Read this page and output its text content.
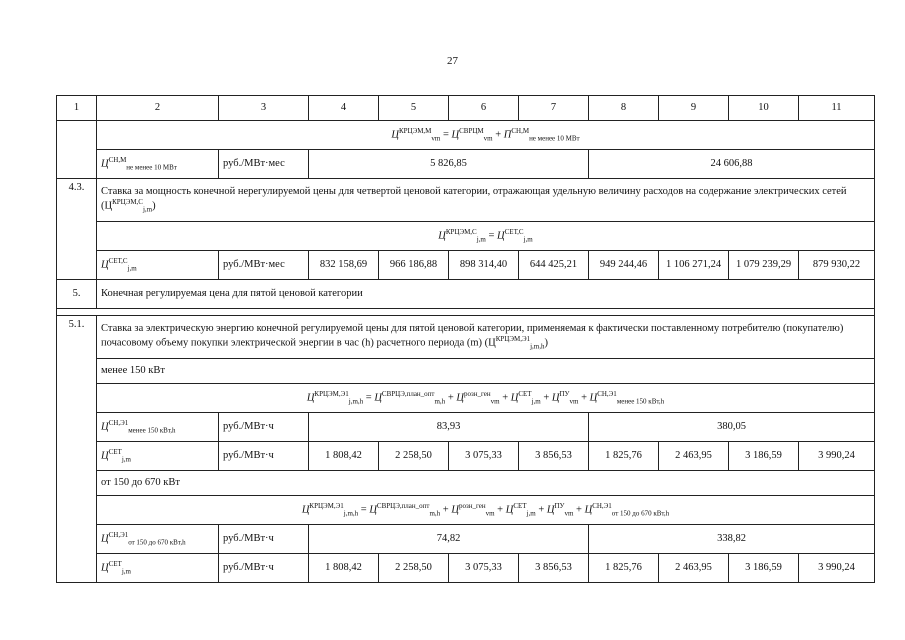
27
1	2	3	4	5	6	7	8	9	10	11
	$Ц^{КРЦЭМ,М}_{vm} = Ц^{СВРЦМ}_{vm} + П^{СН,М}_{не менее 10 МВт}$
	$Ц^{СН,М}_{не менее 10 МВт}$	руб./МВт·мес	5 826,85				24 606,88			
4.3.	Ставка за мощность конечной нерегулируемой цены для четвертой ценовой категории, отражающая удельную величину расходов на содержание электрических сетей $(Ц^{КРЦЭМ,С}_{j,m})$									
	$Ц^{КРЦЭМ,С}_{j,m} = Ц^{СЕТ,С}_{j,m}$
	$Ц^{СЕТ,С}_{j,m}$	руб./МВт·мес	832 158,69	966 186,88	898 314,40	644 425,21	949 244,46	1 106 271,24	1 079 239,29	879 930,22
5.	Конечная регулируемая цена для пятой ценовой категории									

5.1.	Ставка за электрическую энергию конечной регулируемой цены для пятой ценовой категории, применяемая к фактически поставленному потребителю (покупателю) почасовому объему покупки электрической энергии в час (h) расчетного периода (m) $(Ц^{КРЦЭМ,Э1}_{j,m,h})$									
	менее 150 кВт									
	$Ц^{КРЦЭМ,Э1}_{j,m,h} = Ц^{СВРЦЭ,план\_опт}_{m,h} + Ц^{розн\_ген}_{vm} + Ц^{СЕТ}_{j,m} + Ц^{ПУ}_{vm} + Ц^{СН,Э1}_{менее 150 кВт,h}$
	$Ц^{СН,Э1}_{менее 150 кВт,h}$	руб./МВт·ч	83,93				380,05			
	$Ц^{СЕТ}_{j,m}$	руб./МВт·ч	1 808,42	2 258,50	3 075,33	3 856,53	1 825,76	2 463,95	3 186,59	3 990,24
	от 150 до 670 кВт									
	$Ц^{КРЦЭМ,Э1}_{j,m,h} = Ц^{СВРЦЭ,план\_опт}_{m,h} + Ц^{розн\_ген}_{vm} + Ц^{СЕТ}_{j,m} + Ц^{ПУ}_{vm} + Ц^{СН,Э1}_{от 150 до 670 кВт,h}$
	$Ц^{СН,Э1}_{от 150 до 670 кВт,h}$	руб./МВт·ч	74,82				338,82			
	$Ц^{СЕТ}_{j,m}$	руб./МВт·ч	1 808,42	2 258,50	3 075,33	3 856,53	1 825,76	2 463,95	3 186,59	3 990,24
